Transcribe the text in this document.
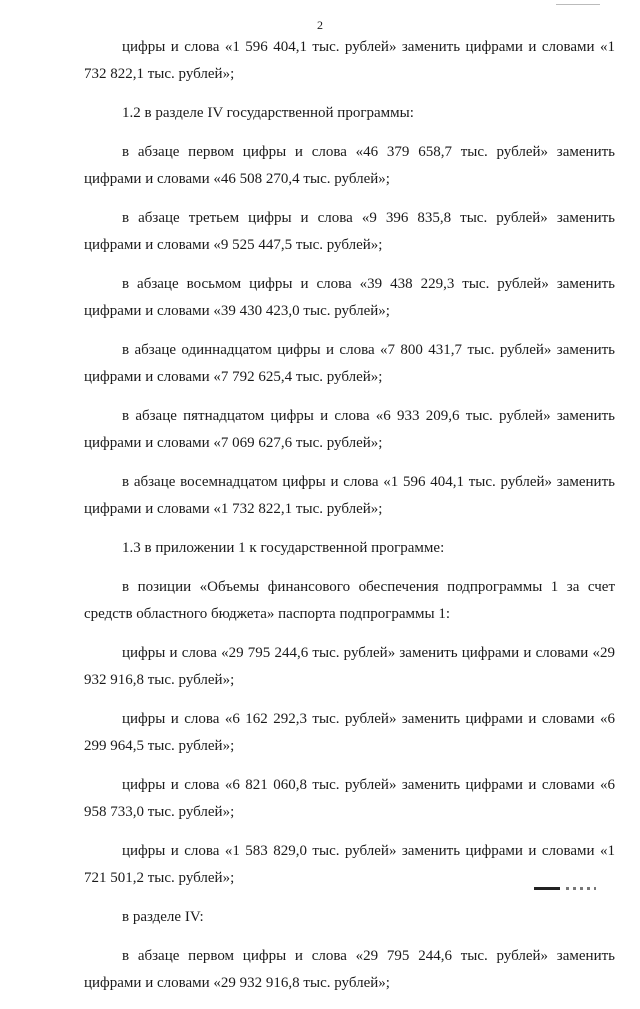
2

цифры и слова «1 596 404,1 тыс. рублей» заменить цифрами и словами «1 732 822,1 тыс. рублей»;

1.2 в разделе IV государственной программы:

в абзаце первом цифры и слова «46 379 658,7 тыс. рублей» заменить цифрами и словами «46 508 270,4 тыс. рублей»;

в абзаце третьем цифры и слова «9 396 835,8 тыс. рублей» заменить цифрами и словами «9 525 447,5 тыс. рублей»;

в абзаце восьмом цифры и слова «39 438 229,3 тыс. рублей» заменить цифрами и словами «39 430 423,0 тыс. рублей»;

в абзаце одиннадцатом цифры и слова «7 800 431,7 тыс. рублей» заменить цифрами и словами «7 792 625,4 тыс. рублей»;

в абзаце пятнадцатом цифры и слова «6 933 209,6 тыс. рублей» заменить цифрами и словами «7 069 627,6 тыс. рублей»;

в абзаце восемнадцатом цифры и слова «1 596 404,1 тыс. рублей» заменить цифрами и словами «1 732 822,1 тыс. рублей»;

1.3 в приложении 1 к государственной программе:

в позиции «Объемы финансового обеспечения подпрограммы 1 за счет средств областного бюджета» паспорта подпрограммы 1:

цифры и слова «29 795 244,6 тыс. рублей» заменить цифрами и словами «29 932 916,8 тыс. рублей»;

цифры и слова «6 162 292,3 тыс. рублей» заменить цифрами и словами «6 299 964,5 тыс. рублей»;

цифры и слова «6 821 060,8 тыс. рублей» заменить цифрами и словами «6 958 733,0 тыс. рублей»;

цифры и слова «1 583 829,0 тыс. рублей» заменить цифрами и словами «1 721 501,2 тыс. рублей»;

в разделе IV:

в абзаце первом цифры и слова «29 795 244,6 тыс. рублей» заменить цифрами и словами «29 932 916,8 тыс. рублей»;
